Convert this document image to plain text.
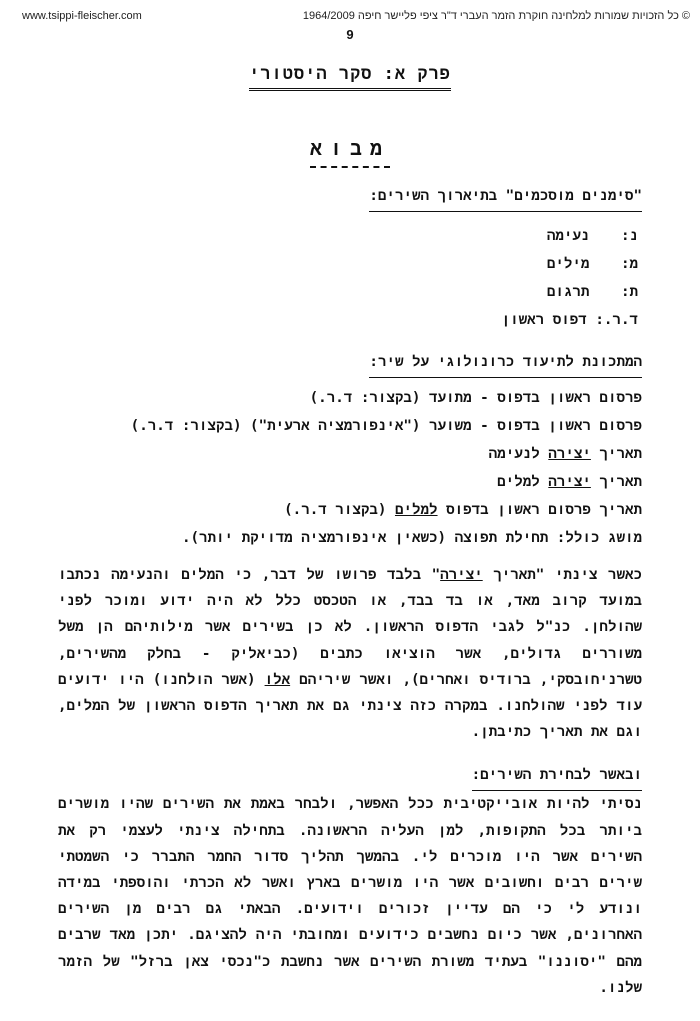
www.tsippi-fleischer.com	© כל הזכויות שמורות למלחינה חוקרת הזמר העברי ד"ר ציפי פליישר חיפה 1964/2009
9
פרק א: סקר היסטורי
מבוא
"סימנים מוסכמים" בתיארוך השירים:
נ: נעימה
מ: מילים
ת: תרגום
ד.ר.: דפוס ראשון
המתכונת לתיעוד כרונולוגי על שיר:
פרסום ראשון בדפוס - מתועד (בקצור: ד.ר.)
פרסום ראשון בדפוס - משוער ("אינפורמציה ארעית") (בקצור: ד.ר.)
תאריך יצירה לנעימה
תאריך יצירה למלים
תאריך פרסום ראשון בדפוס למלים (בקצור ד.ר.)
מושג כולל: תחילת תפוצה (כשאין אינפורמציה מדויקת יותר).

כאשר צינתי "תאריך יצירה" בלבד פרושו של דבר, כי המלים והנעימה נכתבו במועד קרוב מאד, או בד בבד, או הטכסט כלל לא היה ידוע ומוכר לפני שהולחן. כנ"ל לגבי הדפוס הראשון. לא כן בשירים אשר מילותיהם הן משל משוררים גדולים, אשר הוציאו כתבים (כביאליק - בחלק מהשירים, טשרניחובסקי, ברודיס ואחרים), ואשר שיריהם אלו (אשר הולחנו) היו ידועים עוד לפני שהולחנו. במקרה כזה צינתי גם את תאריך הדפוס הראשון של המלים, וגם את תאריך כתיבתן.

ובאשר לבחירת השירים:

נסיתי להיות אובייקטיבית ככל האפשר, ולבחר באמת את השירים שהיו מושרים ביותר בכל התקופות, למן העליה הראשונה. בתחילה צינתי לעצמי רק את השירים אשר היו מוכרים לי. בהמשך תהליך סדור החמר התברר כי השמטתי שירים רבים וחשובים אשר היו מושרים בארץ ואשר לא הכרתי והוספתי במידה ונודע לי כי הם עדיין זכורים וידועים. הבאתי גם רבים מן השירים האחרונים, אשר כיום נחשבים כידועים ומחובתי היה להציגם. יתכן מאד שרבים מהם "יסוננו" בעתיד משורת השירים אשר נחשבת כ"נכסי צאן ברזל" של הזמר שלנו.
